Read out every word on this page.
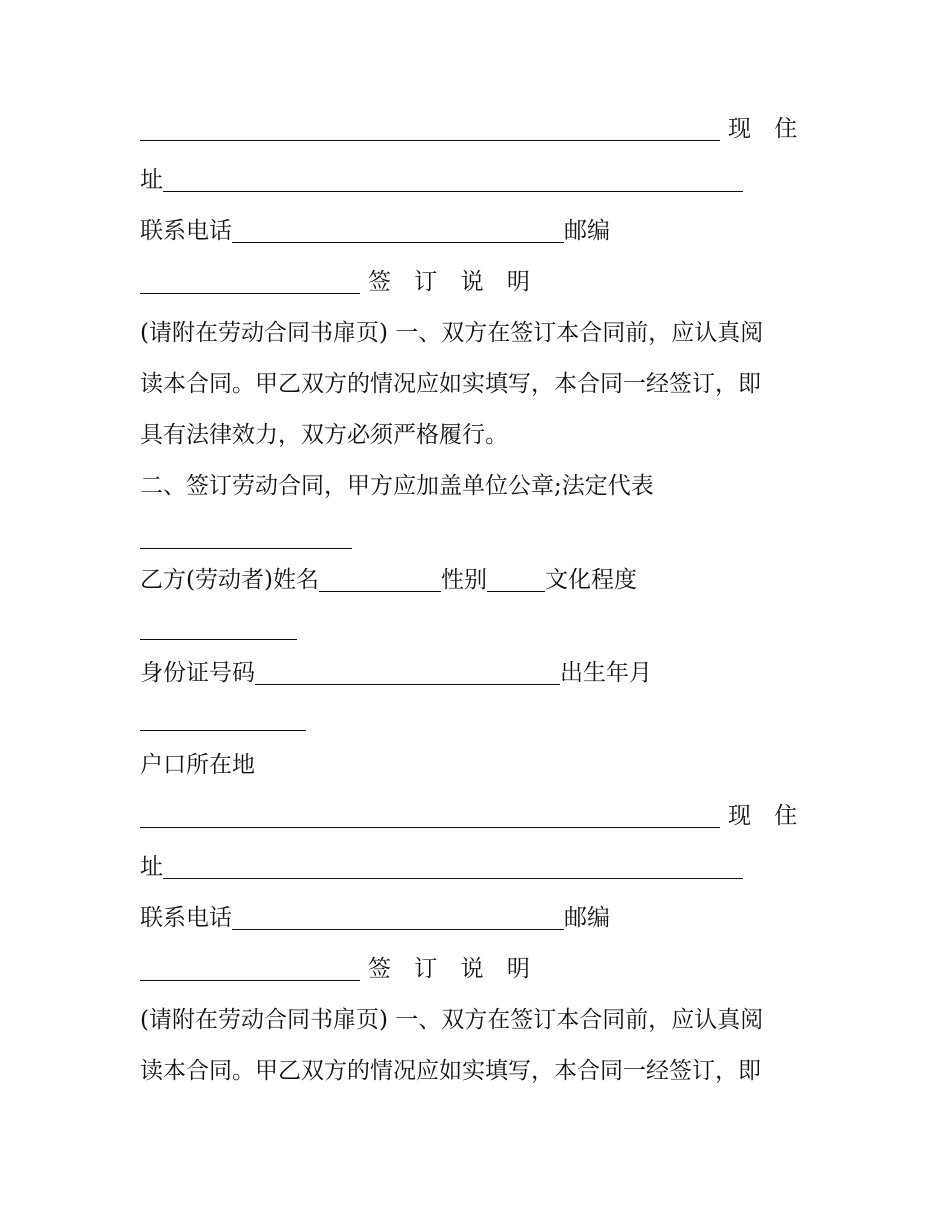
现 住
址
联系电话	邮编
签 订 说 明
(请附在劳动合同书扉页) 一、双方在签订本合同前，应认真阅
读本合同。甲乙双方的情况应如实填写，本合同一经签订，即
具有法律效力，双方必须严格履行。
二、签订劳动合同，甲方应加盖单位公章;法定代表
乙方(劳动者)姓名	性别	文化程度
身份证号码	出生年月
户口所在地
现 住
址
联系电话	邮编
签 订 说 明
(请附在劳动合同书扉页) 一、双方在签订本合同前，应认真阅
读本合同。甲乙双方的情况应如实填写，本合同一经签订，即
